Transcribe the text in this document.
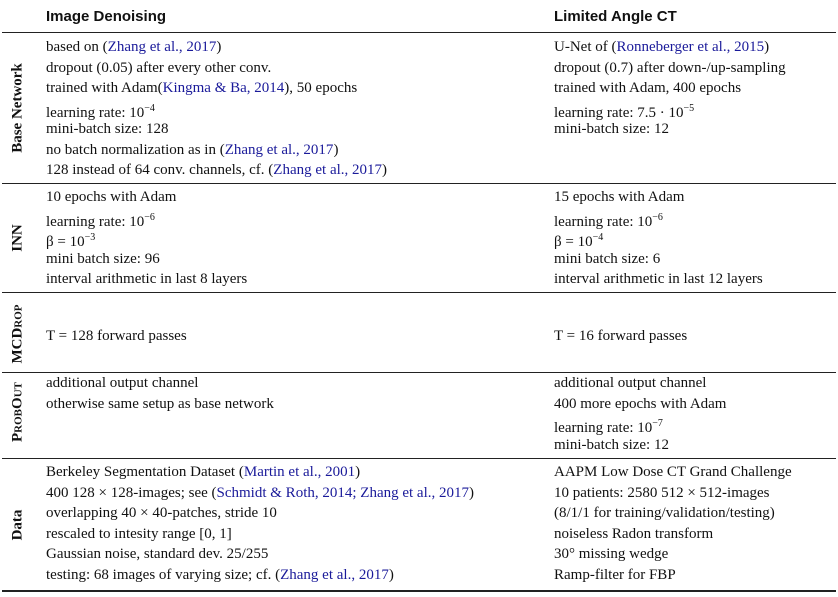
Image Denoising	Limited Angle CT
Base Network
based on (Zhang et al., 2017)
dropout (0.05) after every other conv.
trained with Adam(Kingma & Ba, 2014), 50 epochs
learning rate: $10^{-4}$
mini-batch size: 128
no batch normalization as in (Zhang et al., 2017)
128 instead of 64 conv. channels, cf. (Zhang et al., 2017)
U-Net of (Ronneberger et al., 2015)
dropout (0.7) after down-/up-sampling
trained with Adam, 400 epochs
learning rate: $7.5 \cdot 10^{-5}$
mini-batch size: 12
INN
10 epochs with Adam
learning rate: $10^{-6}$
$\beta = 10^{-3}$
mini batch size: 96
interval arithmetic in last 8 layers
15 epochs with Adam
learning rate: $10^{-6}$
$\beta = 10^{-4}$
mini batch size: 6
interval arithmetic in last 12 layers
MCDrop T = 128 forward passes	T = 16 forward passes
ProbOut additional output channel
otherwise same setup as base network
additional output channel
400 more epochs with Adam
learning rate: $10^{-7}$
mini-batch size: 12
Data
Berkeley Segmentation Dataset (Martin et al., 2001)
400 128 × 128-images; see (Schmidt & Roth, 2014; Zhang et al., 2017)
overlapping 40 × 40-patches, stride 10
rescaled to intesity range [0, 1]
Gaussian noise, standard dev. 25/255
testing: 68 images of varying size; cf. (Zhang et al., 2017)
AAPM Low Dose CT Grand Challenge
10 patients: 2580 512 × 512-images
(8/1/1 for training/validation/testing)
noiseless Radon transform
30° missing wedge
Ramp-filter for FBP
